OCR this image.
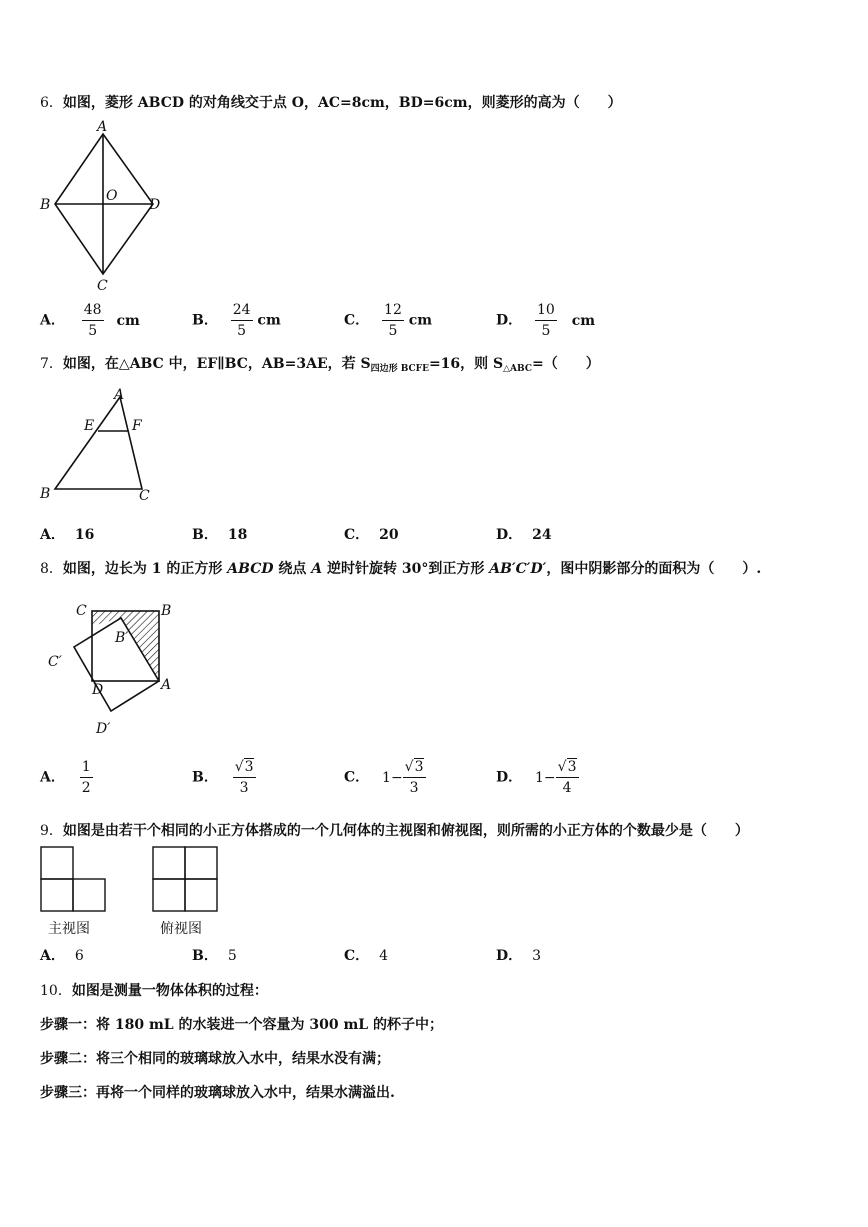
6．如图，菱形 ABCD 的对角线交于点 O，AC=8cm，BD=6cm，则菱形的高为（　　）
A
B
C
D
O
A． $\frac{48}{5}$ cm	B． $\frac{24}{5}$ cm	C． $\frac{12}{5}$ cm	D． $\frac{10}{5}$ cm
7．如图，在△ABC 中，EF∥BC，AB=3AE，若 $S_{四边形 BCFE}=16$，则 $S_{\triangle ABC}=$（　　）
A
E	F
B	C
A． 16	B． 18	C． 20	D． 24
8．如图，边长为 1 的正方形 ABCD 绕点 A 逆时针旋转 30°到正方形 AB′C′D′，图中阴影部分的面积为（　　）.
C	B
B′
C′
D	A
D′
A． $\frac{1}{2}$	B． $\frac{√3}{3}$	C． $1- \frac{√3}{3}$	D． $1- \frac{√3}{4}$
9．如图是由若干个相同的小正方体搭成的一个几何体的主视图和俯视图，则所需的小正方体的个数最少是（　　）
主视图	俯视图
A． 6	B． 5	C． 4	D． 3
10．如图是测量一物体体积的过程：
步骤一：将 180 mL 的水装进一个容量为 300 mL 的杯子中；
步骤二：将三个相同的玻璃球放入水中，结果水没有满；
步骤三：再将一个同样的玻璃球放入水中，结果水满溢出.
